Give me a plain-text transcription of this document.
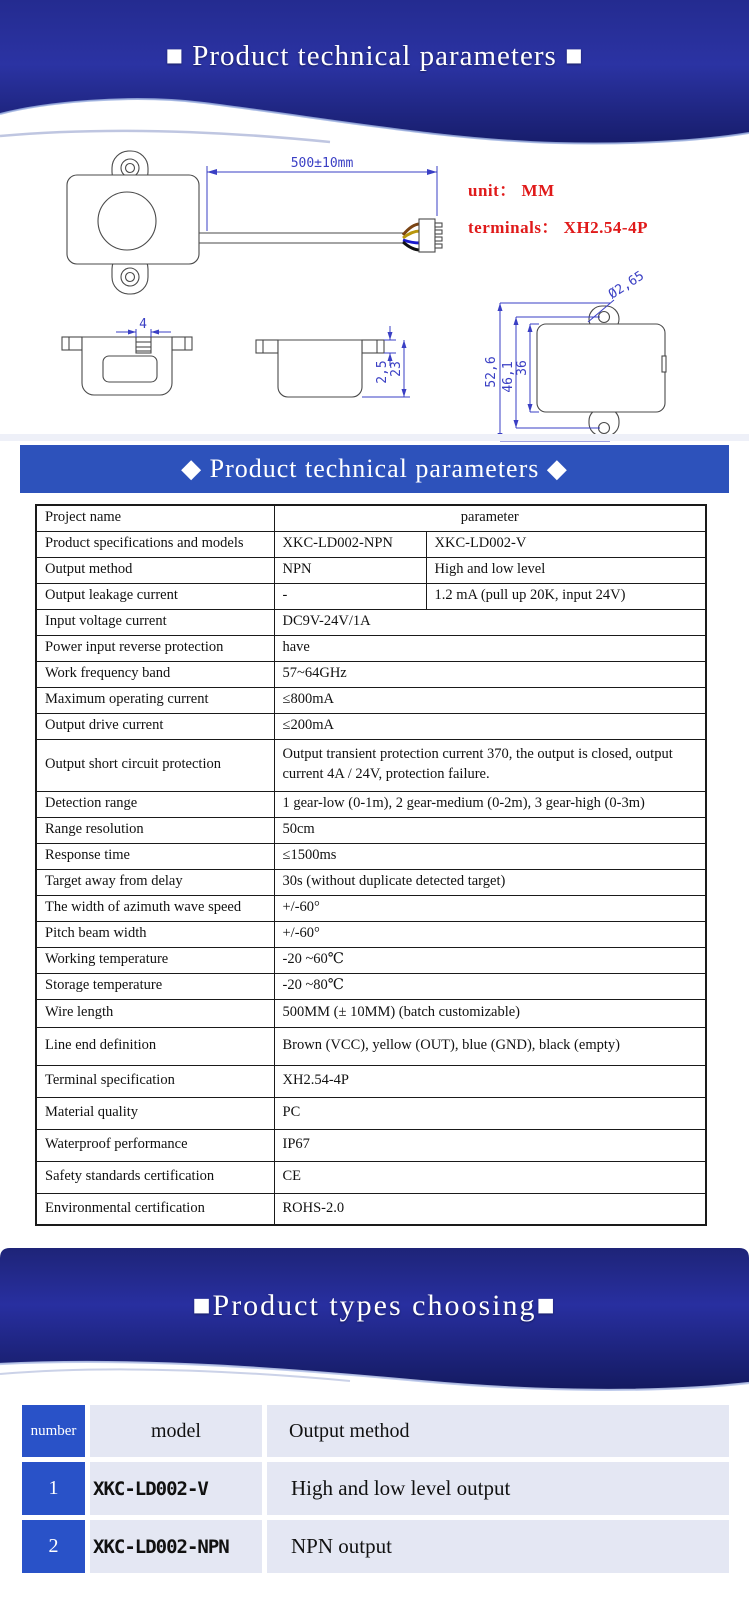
■ Product technical parameters ■
500±10mm
4
2,5 23	52,6 46,1 36
Ø2,65
unit： MM
terminals： XH2.54-4P
◆ Product technical parameters ◆
Project name	parameter	
Product specifications and models	XKC-LD002-NPN	XKC-LD002-V
Output method	NPN	High and low level
Output leakage current	-	1.2 mA (pull up 20K, input 24V)
Input voltage current	DC9V-24V/1A	
Power input reverse protection	have	
Work frequency band	57~64GHz	
Maximum operating current	≤800mA	
Output drive current	≤200mA	
Output short circuit protection	Output transient protection current 370, the output is closed, output current 4A / 24V, protection failure.	
Detection range	1 gear-low (0-1m), 2 gear-medium (0-2m), 3 gear-high (0-3m)	
Range resolution	50cm	
Response time	≤1500ms	
Target away from delay	30s (without duplicate detected target)	
The width of azimuth wave speed	+/-60°	
Pitch beam width	+/-60°	
Working temperature	-20 ~60℃	
Storage temperature	-20 ~80℃	
Wire length	500MM (± 10MM) (batch customizable)	
Line end definition	Brown (VCC), yellow (OUT), blue (GND), black (empty)	
Terminal specification	XH2.54-4P	
Material quality	PC	
Waterproof performance	IP67	
Safety standards certification	CE	
Environmental certification	ROHS-2.0	
■Product types choosing■
number	model	Output method
1	XKC-LD002-V	High and low level output
2	XKC-LD002-NPN	NPN output
